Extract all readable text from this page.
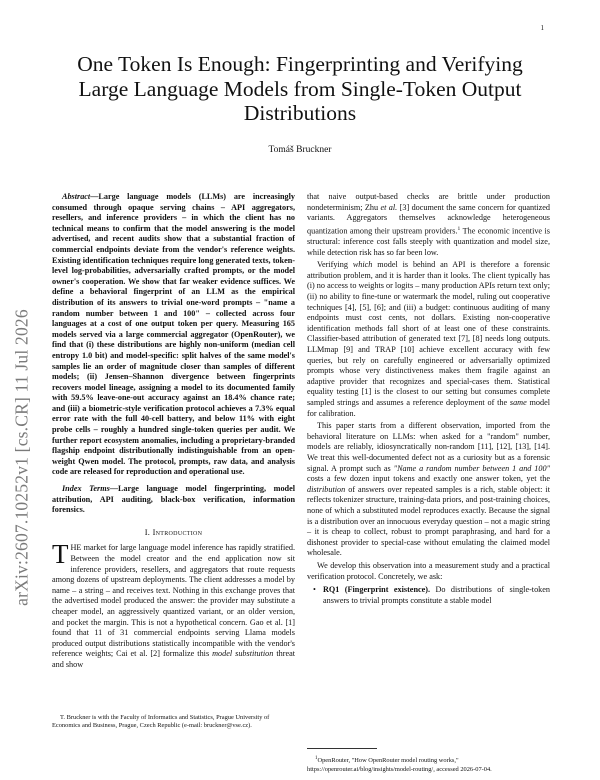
1
arXiv:2607.10252v1 [cs.CR] 11 Jul 2026
One Token Is Enough: Fingerprinting and Verifying Large Language Models from Single-Token Output Distributions
Tomáš Bruckner

Abstract—Large language models (LLMs) are increasingly consumed through opaque serving chains – API aggregators, resellers, and inference providers – in which the client has no technical means to confirm that the model answering is the model advertised, and recent audits show that a substantial fraction of commercial endpoints deviate from the vendor's reference weights. Existing identification techniques require long generated texts, token-level log-probabilities, adversarially crafted prompts, or the model owner's cooperation. We show that far weaker evidence suffices. We define a behavioral fingerprint of an LLM as the empirical distribution of its answers to trivial one-word prompts – "name a random number between 1 and 100" – collected across four languages at a cost of one output token per query. Measuring 165 models served via a large commercial aggregator (OpenRouter), we find that (i) these distributions are highly non-uniform (median cell entropy 1.0 bit) and model-specific: split halves of the same model's samples lie an order of magnitude closer than samples of different models; (ii) Jensen–Shannon divergence between fingerprints recovers model lineage, assigning a model to its documented family with 59.5% leave-one-out accuracy against an 18.4% chance rate; and (iii) a biometric-style verification protocol achieves a 7.3% equal error rate with the full 40-cell battery, and below 11% with eight probe cells – roughly a hundred single-token queries per audit. We further report ecosystem anomalies, including a proprietary-branded flagship endpoint distributionally indistinguishable from an open-weight Qwen model. The protocol, prompts, raw data, and analysis code are released for reproduction and operational use.

Index Terms—Large language model fingerprinting, model attribution, API auditing, black-box verification, information forensics.

I. Introduction

THE market for large language model inference has rapidly stratified. Between the model creator and the end application now sit inference providers, resellers, and aggregators that route requests among dozens of upstream deployments. The client addresses a model by name – a string – and receives text. Nothing in this exchange proves that the advertised model produced the answer: the provider may substitute a cheaper model, an aggressively quantized variant, or an older version, and pocket the margin. This is not a hypothetical concern. Gao et al. [1] found that 11 of 31 commercial endpoints serving Llama models produced output distributions statistically incompatible with the vendor's reference weights; Cai et al. [2] formalize this model substitution threat and show

T. Bruckner is with the Faculty of Informatics and Statistics, Prague University of Economics and Business, Prague, Czech Republic (e-mail: bruckner@vse.cz).

that naive output-based checks are brittle under production nondeterminism; Zhu et al. [3] document the same concern for quantized variants. Aggregators themselves acknowledge heterogeneous quantization among their upstream providers.$^1$ The economic incentive is structural: inference cost falls steeply with quantization and model size, while detection risk has so far been low.

Verifying which model is behind an API is therefore a forensic attribution problem, and it is harder than it looks. The client typically has (i) no access to weights or logits – many production APIs return text only; (ii) no ability to fine-tune or watermark the model, ruling out cooperative techniques [4], [5], [6]; and (iii) a budget: continuous auditing of many endpoints must cost cents, not dollars. Existing non-cooperative identification methods fall short of at least one of these constraints. Classifier-based attribution of generated text [7], [8] needs long outputs. LLMmap [9] and TRAP [10] achieve excellent accuracy with few queries, but rely on carefully engineered or adversarially optimized prompts whose very distinctiveness makes them fragile against an adaptive provider that recognizes and special-cases them. Statistical equality testing [1] is the closest to our setting but consumes complete sampled strings and assumes a reference deployment of the same model for calibration.

This paper starts from a different observation, imported from the behavioral literature on LLMs: when asked for a "random" number, models are reliably, idiosyncratically non-random [11], [12], [13], [14]. We treat this well-documented defect not as a curiosity but as a forensic signal. A prompt such as "Name a random number between 1 and 100" costs a few dozen input tokens and exactly one answer token, yet the distribution of answers over repeated samples is a rich, stable object: it reflects tokenizer structure, training-data priors, and post-training choices, none of which a substituted model reproduces exactly. Because the signal is a distribution over an innocuous everyday question – not a magic string – it is cheap to collect, robust to prompt paraphrasing, and hard for a dishonest provider to special-case without emulating the claimed model wholesale.

We develop this observation into a measurement study and a practical verification protocol. Concretely, we ask:

• RQ1 (Fingerprint existence). Do distributions of single-token answers to trivial prompts constitute a stable model

$^1$OpenRouter, "How OpenRouter model routing works," https://openrouter.ai/blog/insights/model-routing/, accessed 2026-07-04.
